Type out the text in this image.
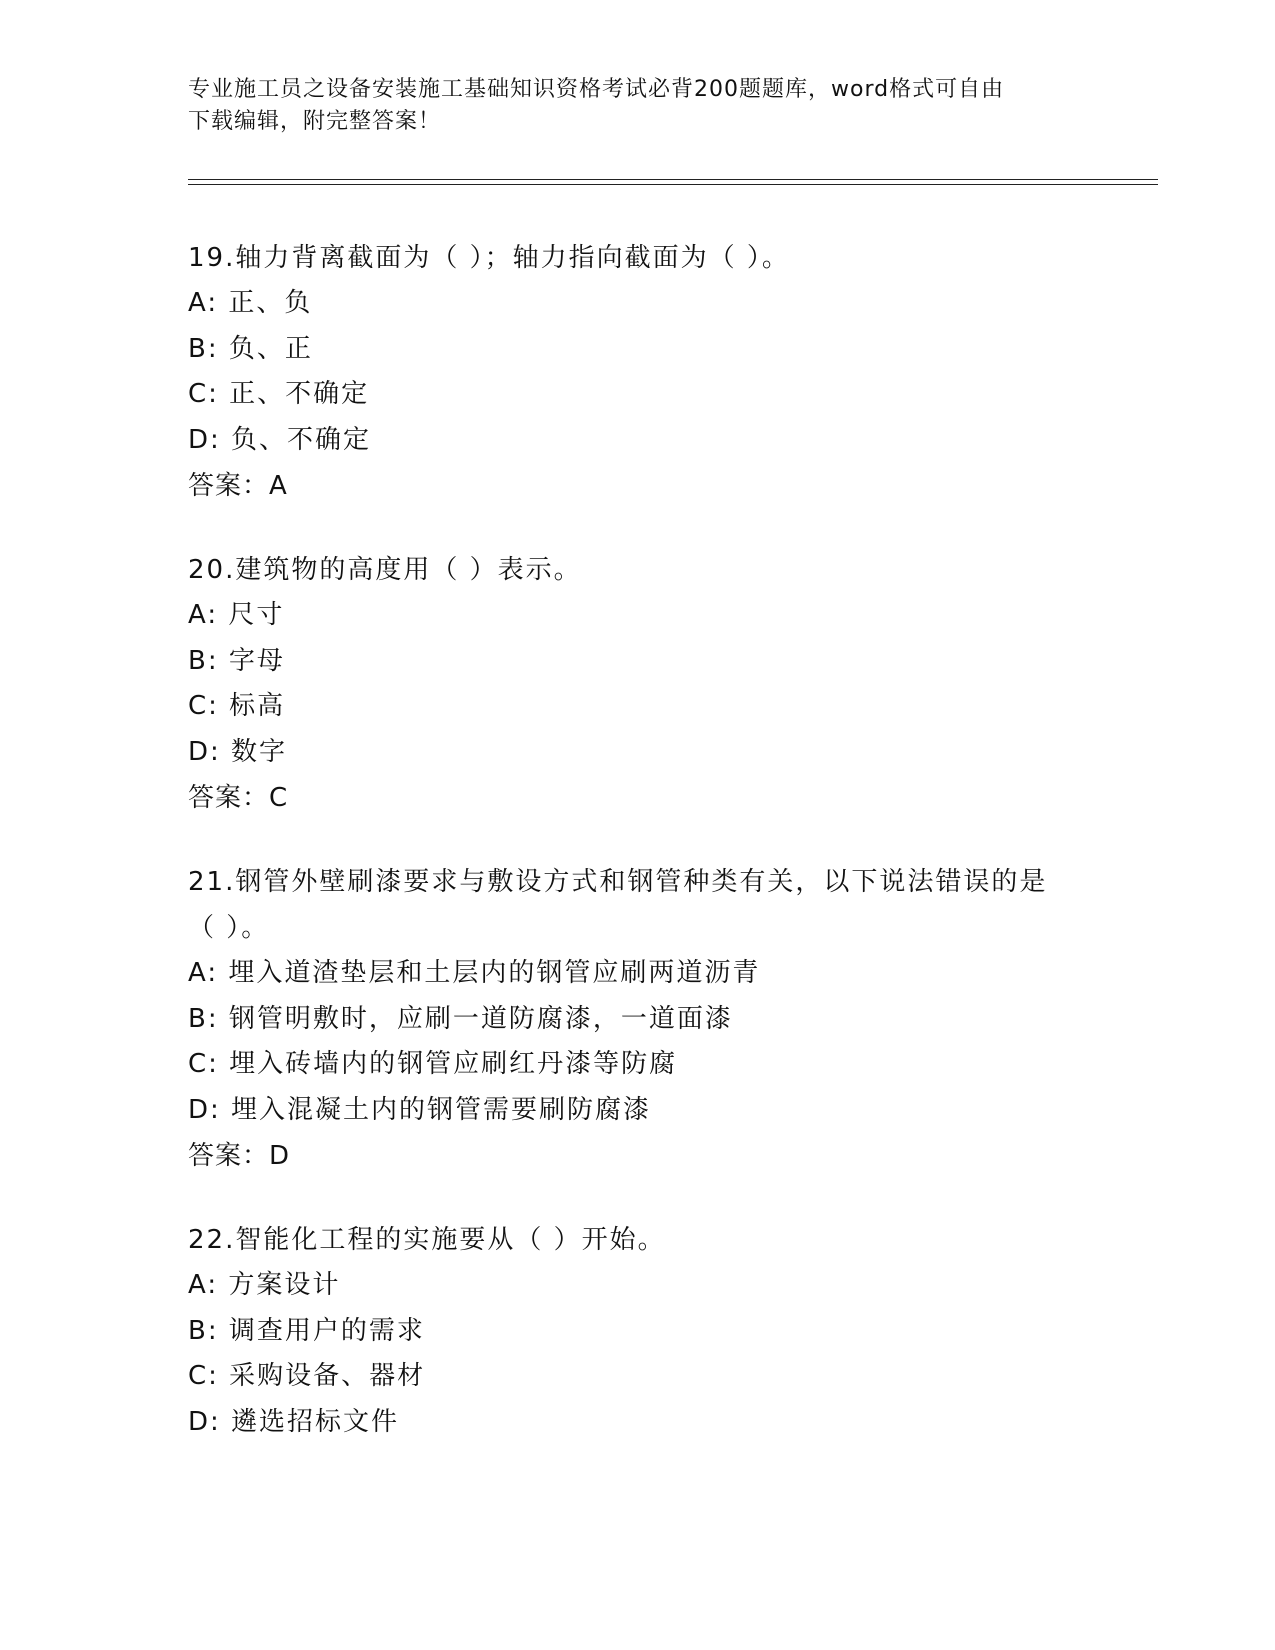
专业施工员之设备安装施工基础知识资格考试必背200题题库，word格式可自由
下载编辑，附完整答案！
19.轴力背离截面为（ ）；轴力指向截面为（ ）。
A: 正、负
B: 负、正
C: 正、不确定
D: 负、不确定
答案：A
20.建筑物的高度用（ ）表示。
A: 尺寸
B: 字母
C: 标高
D: 数字
答案：C
21.钢管外壁刷漆要求与敷设方式和钢管种类有关，以下说法错误的是
（ ）。
A: 埋入道渣垫层和土层内的钢管应刷两道沥青
B: 钢管明敷时，应刷一道防腐漆，一道面漆
C: 埋入砖墙内的钢管应刷红丹漆等防腐
D: 埋入混凝土内的钢管需要刷防腐漆
答案：D
22.智能化工程的实施要从（ ）开始。
A: 方案设计
B: 调查用户的需求
C: 采购设备、器材
D: 遴选招标文件
